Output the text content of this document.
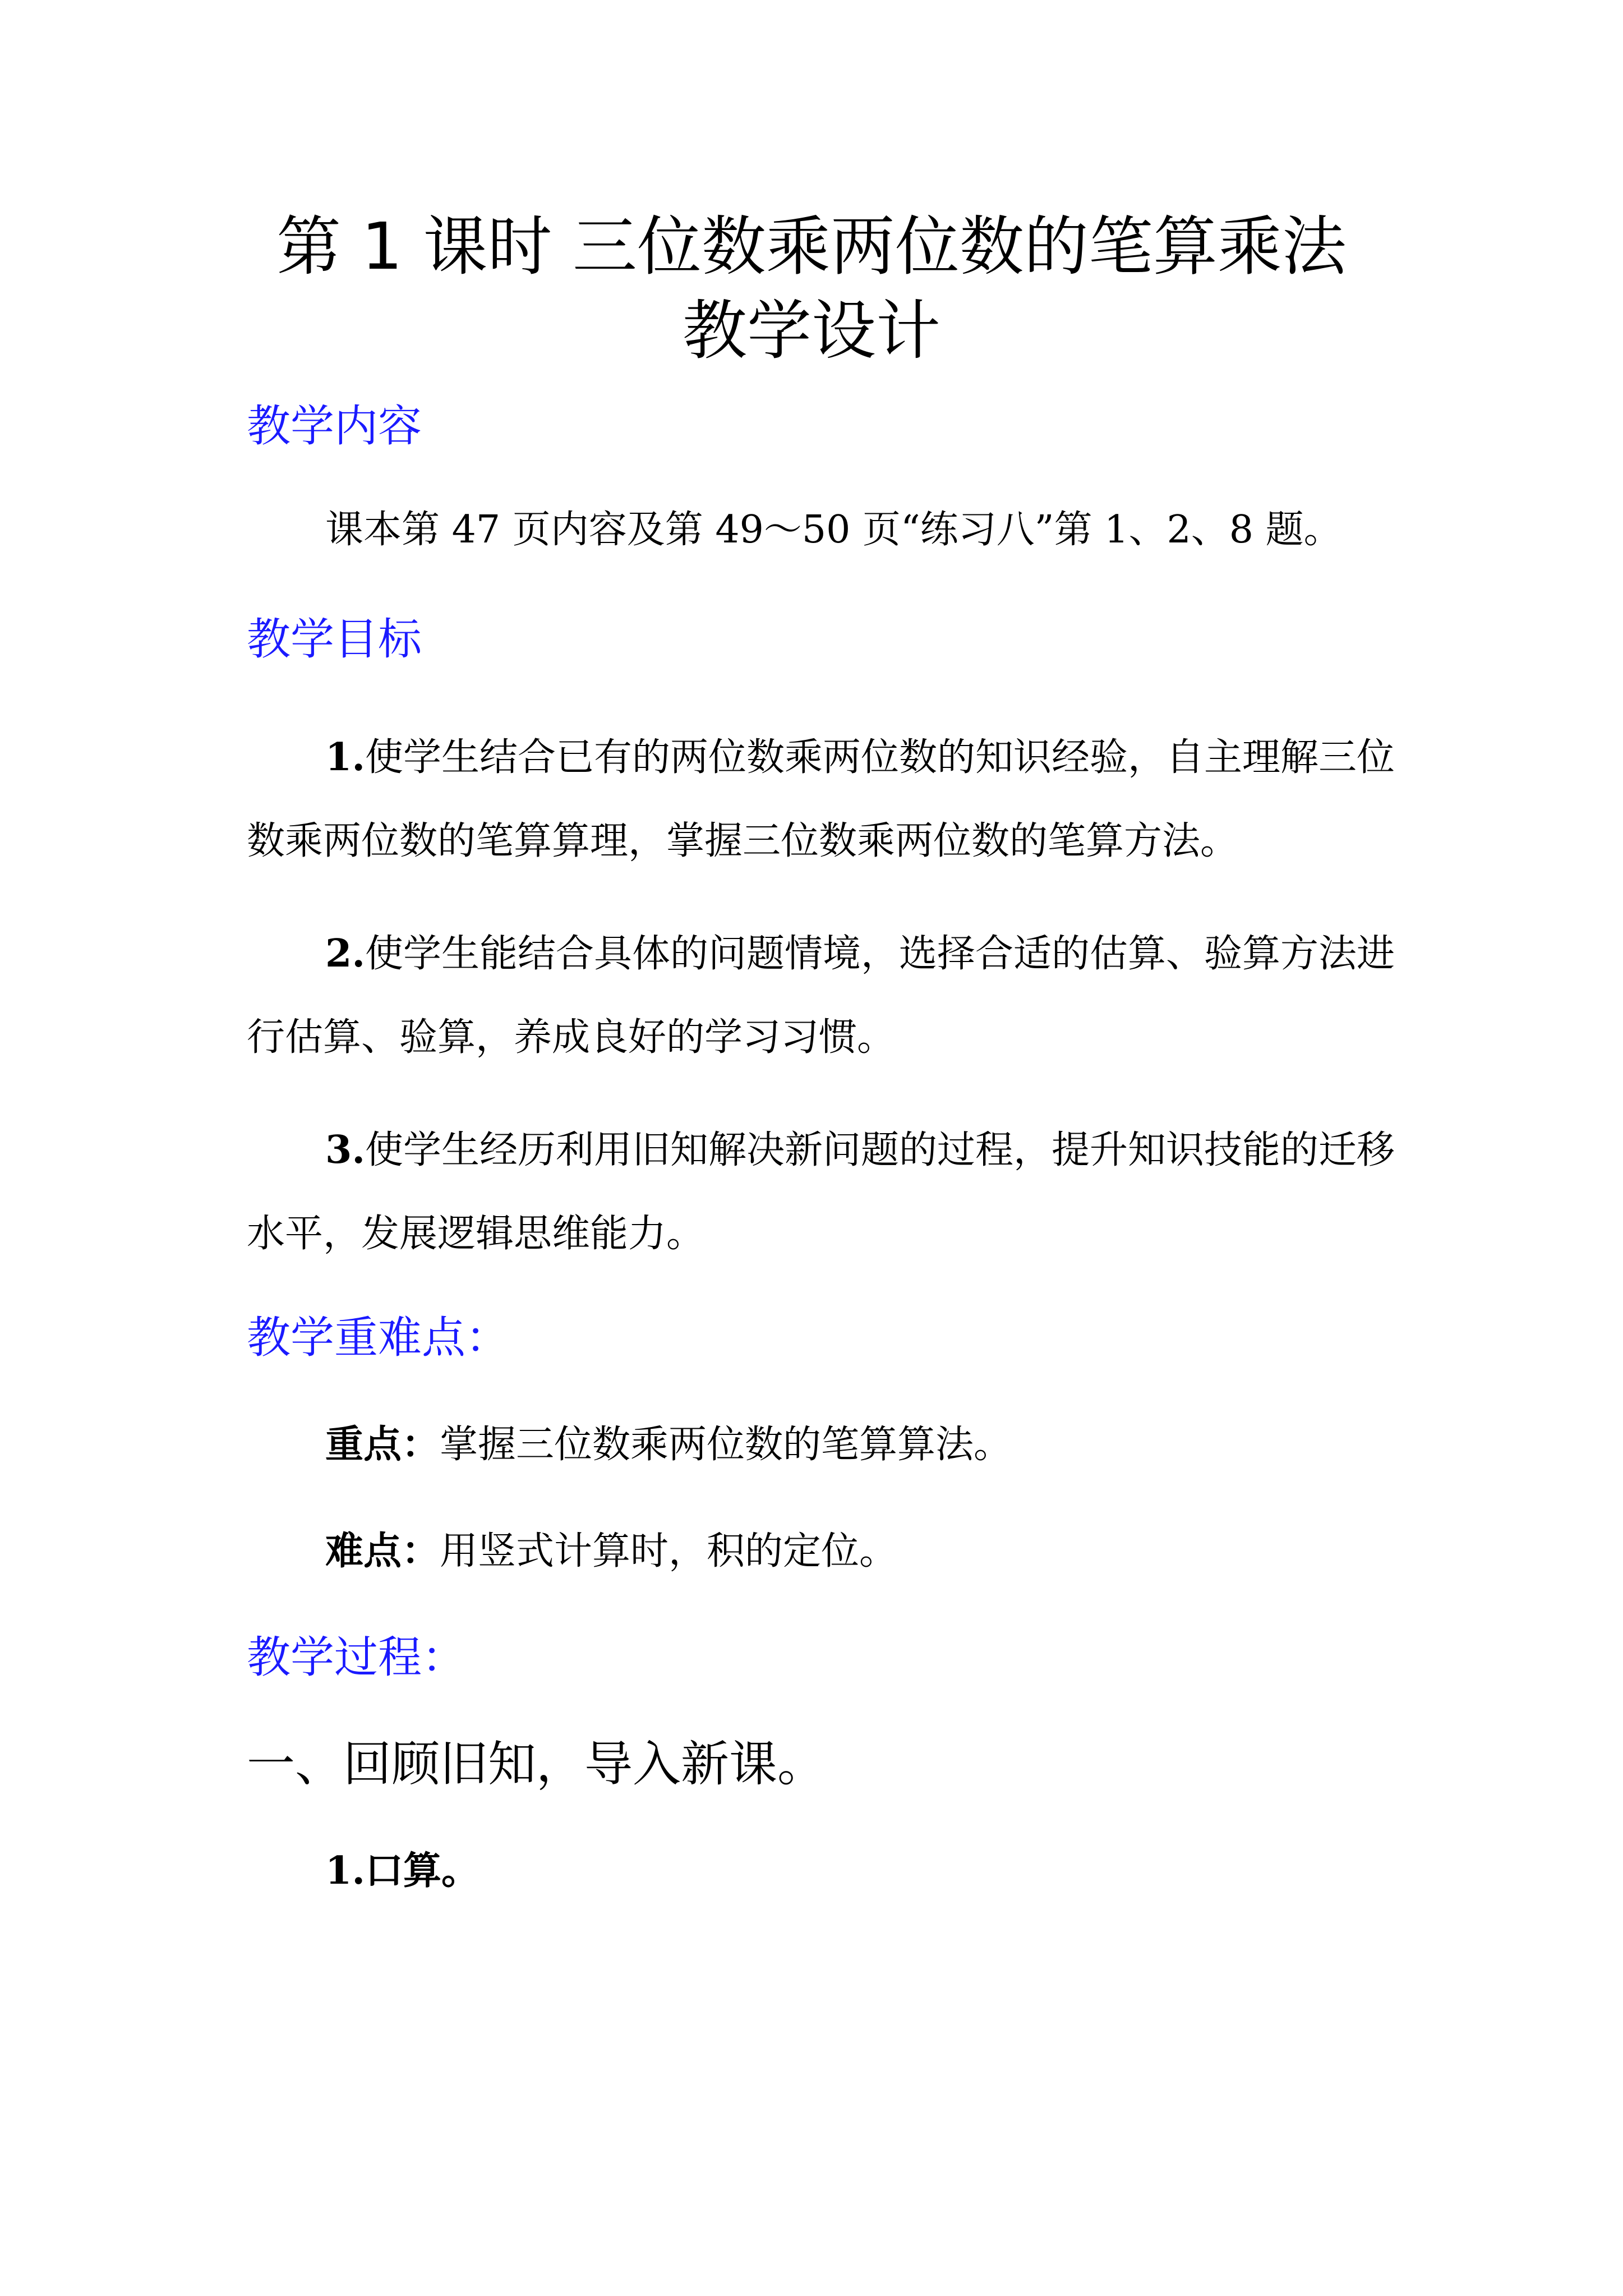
第 1 课时 三位数乘两位数的笔算乘法
教学设计
教学内容
课本第 47 页内容及第 49～50 页“练习八”第 1、2、8 题。
教学目标
1.使学生结合已有的两位数乘两位数的知识经验，自主理解三位
数乘两位数的笔算算理，掌握三位数乘两位数的笔算方法。
2.使学生能结合具体的问题情境，选择合适的估算、验算方法进
行估算、验算，养成良好的学习习惯。
3.使学生经历利用旧知解决新问题的过程，提升知识技能的迁移
水平，发展逻辑思维能力。
教学重难点：
重点：掌握三位数乘两位数的笔算算法。
难点：用竖式计算时，积的定位。
教学过程：
一、回顾旧知，导入新课。
1.口算。
